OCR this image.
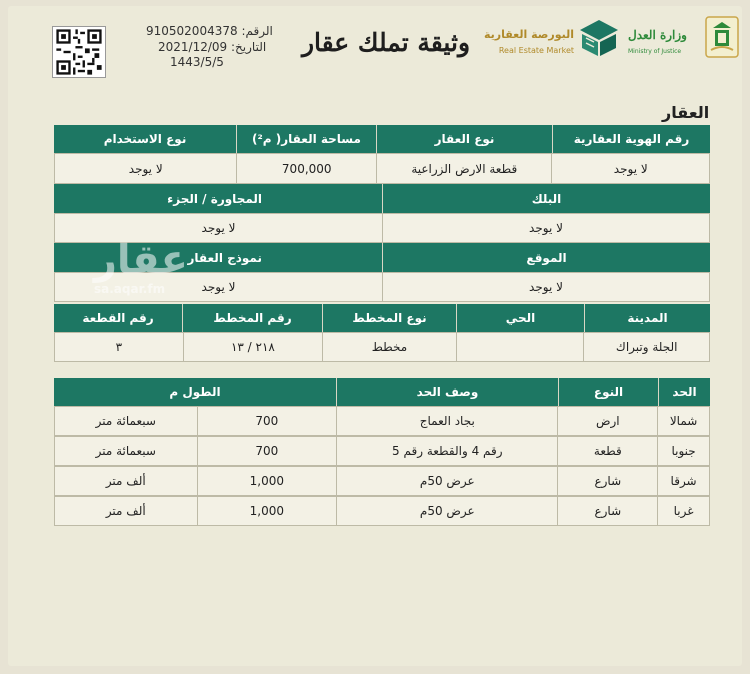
الرقم: 910502004378
التاريخ: 2021/12/09
1443/5/5
وثيقة تملك عقار	البورصة العقارية
Real Estate Market
وزارة العدل
Ministry of Justice
العقار
رقم الهوية العقارية
نوع العقار
مساحة العقار( م²)
نوع الاستخدام
لا يوجد
قطعة الارض الزراعية
700,000
لا يوجد
البلك
المجاورة / الجزء
لا يوجد
لا يوجد
الموقع
نموذج العقار
لا يوجد
لا يوجد
المدينة
الحي
نوع المخطط
رقم المخطط
رقم القطعة
الجلة وتبراك
مخطط
٢١٨ / ١٣
٣
عقار
sa.aqar.fm
الحد
النوع
وصف الحد
الطول م
شمالا
ارض
بجاد العماج
700
سبعمائة متر
جنوبا
قطعة
رقم 4 والقطعة رقم 5
700
سبعمائة متر
شرقا
شارع
عرض 50م
1,000
ألف متر
غربا
شارع
عرض 50م
1,000
ألف متر
